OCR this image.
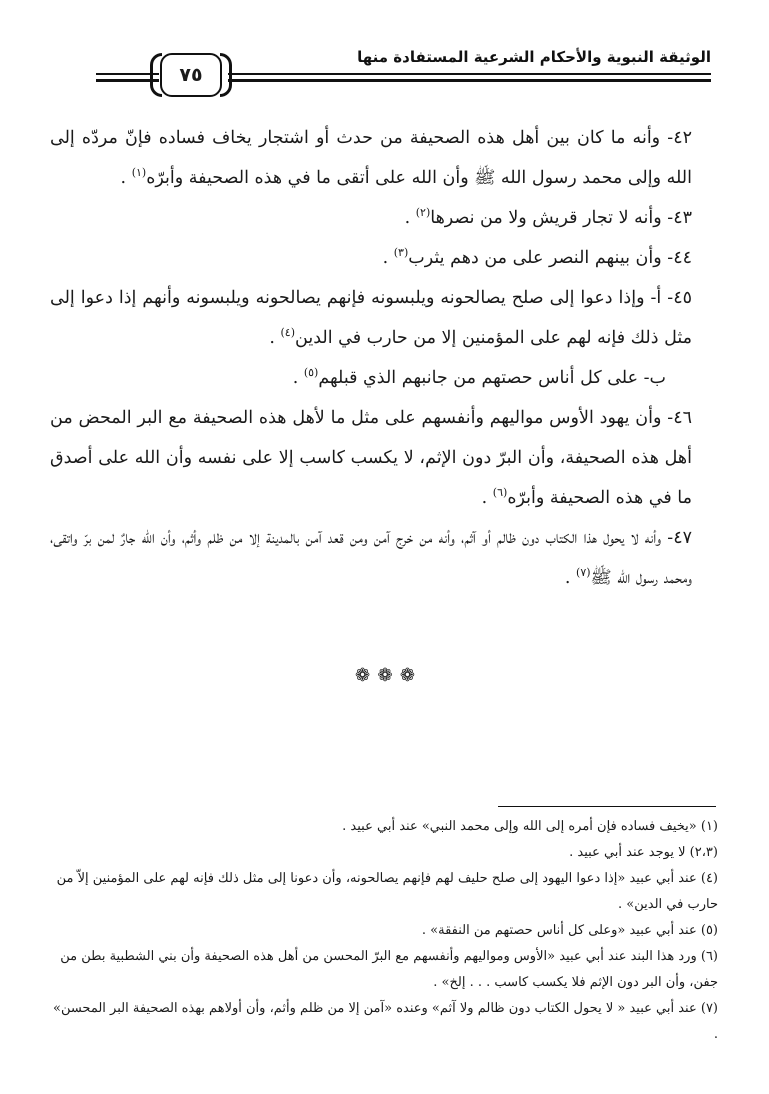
الوثيقة النبوية والأحكام الشرعية المستفادة منها
٧٥

٤٢- وأنه ما كان بين أهل هذه الصحيفة من حدث أو اشتجار يخاف فساده فإنّ مردّه إلى الله وإلى محمد رسول الله ﷺ وأن الله على أتقى ما في هذه الصحيفة وأبرّه$^{(١)}$ .

٤٣- وأنه لا تجار قريش ولا من نصرها$^{(٢)}$ .

٤٤- وأن بينهم النصر على من دهم يثرب$^{(٣)}$ .

٤٥- أ- وإذا دعوا إلى صلح يصالحونه ويلبسونه فإنهم يصالحونه ويلبسونه وأنهم إذا دعوا إلى مثل ذلك فإنه لهم على المؤمنين إلا من حارب في الدين$^{(٤)}$ .

ب- على كل أناس حصتهم من جانبهم الذي قبلهم$^{(٥)}$ .

٤٦- وأن يهود الأوس مواليهم وأنفسهم على مثل ما لأهل هذه الصحيفة مع البر المحض من أهل هذه الصحيفة، وأن البرّ دون الإثم، لا يكسب كاسب إلا على نفسه وأن الله على أصدق ما في هذه الصحيفة وأبرّه$^{(٦)}$ .

٤٧- وأنه لا يحول هذا الكتاب دون ظالم أو آثم، وأنه من خرج آمن ومن قعد آمن بالمدينة إلا من ظلم وأثم، وأن الله جارٌ لمن برّ واتقى، ومحمد رسول الله ﷺ$^{(٧)}$ .

❁ ❁ ❁

(١) «يخيف فساده فإن أمره إلى الله وإلى محمد النبي» عند أبي عبيد .

(٢،٣) لا يوجد عند أبي عبيد .

(٤) عند أبي عبيد «إذا دعوا اليهود إلى صلح حليف لهم فإنهم يصالحونه، وأن دعونا إلى مثل ذلك فإنه لهم على المؤمنين إلاّ من حارب في الدين» .

(٥) عند أبي عبيد «وعلى كل أناس حصتهم من النفقة» .

(٦) ورد هذا البند عند أبي عبيد «الأوس ومواليهم وأنفسهم مع البرّ المحسن من أهل هذه الصحيفة وأن بني الشطبية بطن من جفن، وأن البر دون الإثم فلا يكسب كاسب . . . إلخ» .

(٧) عند أبي عبيد « لا يحول الكتاب دون ظالم ولا آثم» وعنده «آمن إلا من ظلم وأثم، وأن أولاهم بهذه الصحيفة البر المحسن» .
